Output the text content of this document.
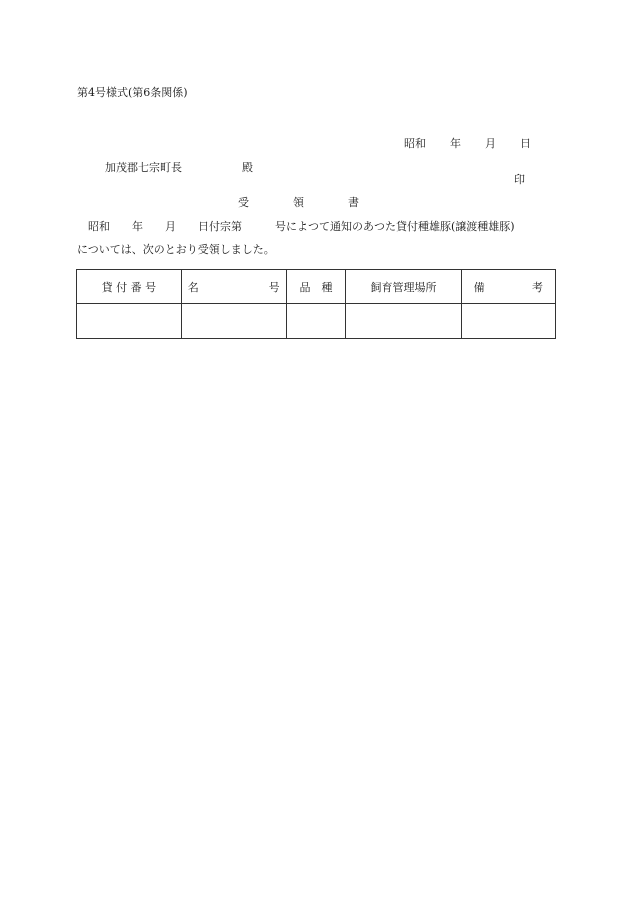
第4号様式(第6条関係)

昭和 年 月 日

加茂郡七宗町長	殿

印
受　　　　領　　　　書
昭和　　年　　月　　日付宗第　　　号によつて通知のあつた貸付種雄豚(譲渡種雄豚)
については、次のとおり受領しました。
貸 付 番 号	名 号	品　種	飼育管理場所	備 考
